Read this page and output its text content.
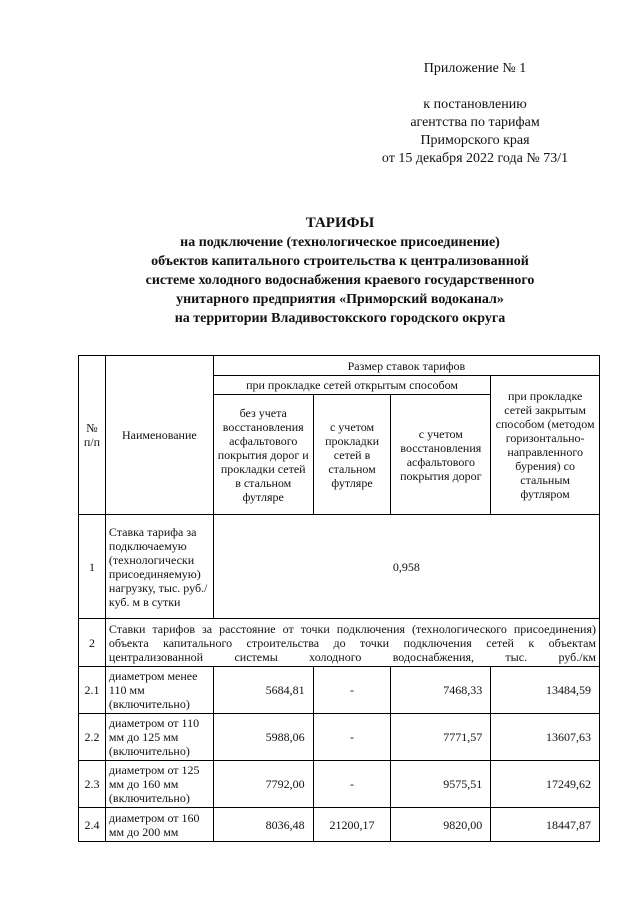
Приложение № 1
к постановлению
агентства по тарифам
Приморского края
от 15 декабря 2022 года № 73/1
ТАРИФЫ
на подключение (технологическое присоединение)
объектов капитального строительства к централизованной
системе холодного водоснабжения краевого государственного
унитарного предприятия «Приморский водоканал»
на территории Владивостокского городского округа
№ п/п	Наименование	Размер ставок тарифов			
		при прокладке сетей открытым способом			при прокладке сетей закрытым способом (методом горизонтально-направленного бурения) со стальным футляром
		без учета восстановления асфальтового покрытия дорог и прокладки сетей в стальном футляре	с учетом прокладки сетей в стальном футляре	с учетом восстановления асфальтового покрытия дорог	
1	Ставка тарифа за подключаемую (технологически присоединяемую) нагрузку, тыс. руб./куб. м в сутки	0,958			
2	Ставки тарифов за расстояние от точки подключения (технологического присоединения) объекта капитального строительства до точки подключения сетей к объектам централизованной системы холодного водоснабжения, тыс. руб./км				
2.1	диаметром менее 110 мм (включительно)	5684,81	-	7468,33	13484,59
2.2	диаметром от 110 мм до 125 мм (включительно)	5988,06	-	7771,57	13607,63
2.3	диаметром от 125 мм до 160 мм (включительно)	7792,00	-	9575,51	17249,62
2.4	диаметром от 160 мм до 200 мм	8036,48	21200,17	9820,00	18447,87
